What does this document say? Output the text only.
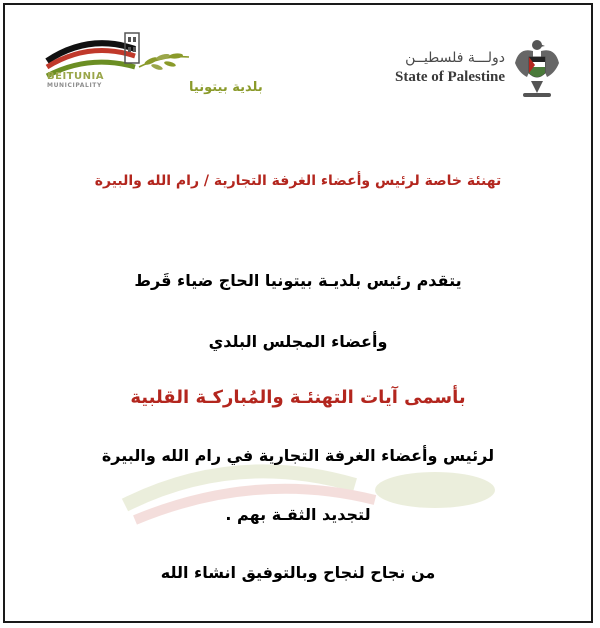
بلدية بيتونيا
BEITUNIA
MUNICIPALITY
دولـــة فلسطيــن
State of Palestine
تهنئة خاصة لرئيس وأعضاء الغرفة التجارية / رام الله والبيرة
يتقدم رئيس بلديـة بيتونيا الحاج ضياء قَرط
وأعضاء المجلس البلدي
بأسمى آيات التهنئـة والمُباركـة القلبية
لرئيس وأعضاء الغرفة التجارية في رام الله والبيرة
لتجديد الثقـة بهم .
من نجاح لنجاح وبالتوفيق انشاء الله
